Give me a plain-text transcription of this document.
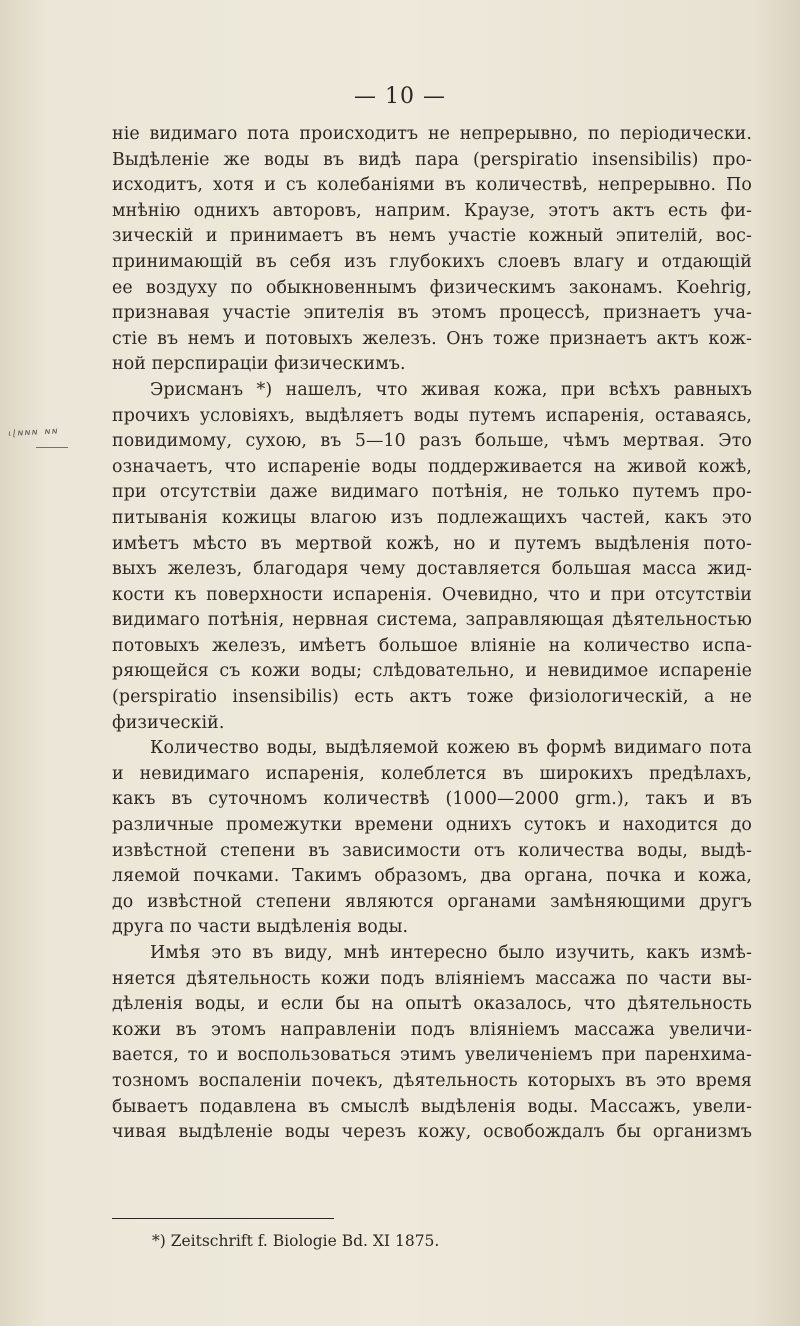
— 10 —
ᶥᶩᶰᶰᶰ ᶰᶰ
ніе видимаго пота происходитъ не непрерывно, по періодически.
Выдѣленіе же воды въ видѣ пара (perspiratio insensibilis) про-
исходитъ, хотя и съ колебаніями въ количествѣ, непрерывно. По
мнѣнію однихъ авторовъ, наприм. Краузе, этотъ актъ есть фи-
зическій и принимаетъ въ немъ участіе кожный эпителій, вос-
принимающій въ себя изъ глубокихъ слоевъ влагу и отдающій
ее воздуху по обыкновеннымъ физическимъ законамъ. Koehrig,
признавая участіе эпителія въ этомъ процессѣ, признаетъ уча-
стіе въ немъ и потовыхъ железъ. Онъ тоже признаетъ актъ кож-
ной перспираціи физическимъ.
Эрисманъ *) нашелъ, что живая кожа, при всѣхъ равныхъ
прочихъ условіяхъ, выдѣляетъ воды путемъ испаренія, оставаясь,
повидимому, сухою, въ 5—10 разъ больше, чѣмъ мертвая. Это
означаетъ, что испареніе воды поддерживается на живой кожѣ,
при отсутствіи даже видимаго потѣнія, не только путемъ про-
питыванія кожицы влагою изъ подлежащихъ частей, какъ это
имѣетъ мѣсто въ мертвой кожѣ, но и путемъ выдѣленія пото-
выхъ железъ, благодаря чему доставляется большая масса жид-
кости къ поверхности испаренія. Очевидно, что и при отсутствіи
видимаго потѣнія, нервная система, заправляющая дѣятельностью
потовыхъ железъ, имѣетъ большое вліяніе на количество испа-
ряющейся съ кожи воды; слѣдовательно, и невидимое испареніе
(perspiratio insensibilis) есть актъ тоже физіологическій, а не
физическій.
Количество воды, выдѣляемой кожею въ формѣ видимаго пота
и невидимаго испаренія, колеблется въ широкихъ предѣлахъ,
какъ въ суточномъ количествѣ (1000—2000 grm.), такъ и въ
различные промежутки времени однихъ сутокъ и находится до
извѣстной степени въ зависимости отъ количества воды, выдѣ-
ляемой почками. Такимъ образомъ, два органа, почка и кожа,
до извѣстной степени являются органами замѣняющими другъ
друга по части выдѣленія воды.
Имѣя это въ виду, мнѣ интересно было изучить, какъ измѣ-
няется дѣятельность кожи подъ вліяніемъ массажа по части вы-
дѣленія воды, и если бы на опытѣ оказалось, что дѣятельность
кожи въ этомъ направленіи подъ вліяніемъ массажа увеличи-
вается, то и воспользоваться этимъ увеличеніемъ при паренхима-
тозномъ воспаленіи почекъ, дѣятельность которыхъ въ это время
бываетъ подавлена въ смыслѣ выдѣленія воды. Массажъ, увели-
чивая выдѣленіе воды черезъ кожу, освобождалъ бы организмъ
*) Zeitschrift f. Biologie Bd. XI 1875.
